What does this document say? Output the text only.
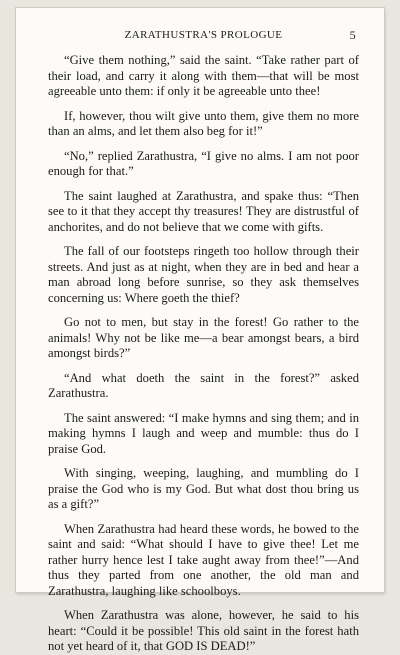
ZARATHUSTRA'S PROLOGUE	5

“Give them nothing,” said the saint. “Take rather part of their load, and carry it along with them—that will be most agreeable unto them: if only it be agreeable unto thee!

If, however, thou wilt give unto them, give them no more than an alms, and let them also beg for it!”

“No,” replied Zarathustra, “I give no alms. I am not poor enough for that.”

The saint laughed at Zarathustra, and spake thus: “Then see to it that they accept thy treasures! They are distrustful of anchorites, and do not believe that we come with gifts.

The fall of our footsteps ringeth too hollow through their streets. And just as at night, when they are in bed and hear a man abroad long before sunrise, so they ask themselves concerning us: Where goeth the thief?

Go not to men, but stay in the forest! Go rather to the animals! Why not be like me—a bear amongst bears, a bird amongst birds?”

“And what doeth the saint in the forest?” asked Zarathustra.

The saint answered: “I make hymns and sing them; and in making hymns I laugh and weep and mumble: thus do I praise God.

With singing, weeping, laughing, and mumbling do I praise the God who is my God. But what dost thou bring us as a gift?”

When Zarathustra had heard these words, he bowed to the saint and said: “What should I have to give thee! Let me rather hurry hence lest I take aught away from thee!”—And thus they parted from one another, the old man and Zarathustra, laughing like schoolboys.

When Zarathustra was alone, however, he said to his heart: “Could it be possible! This old saint in the forest hath not yet heard of it, that GOD IS DEAD!”
